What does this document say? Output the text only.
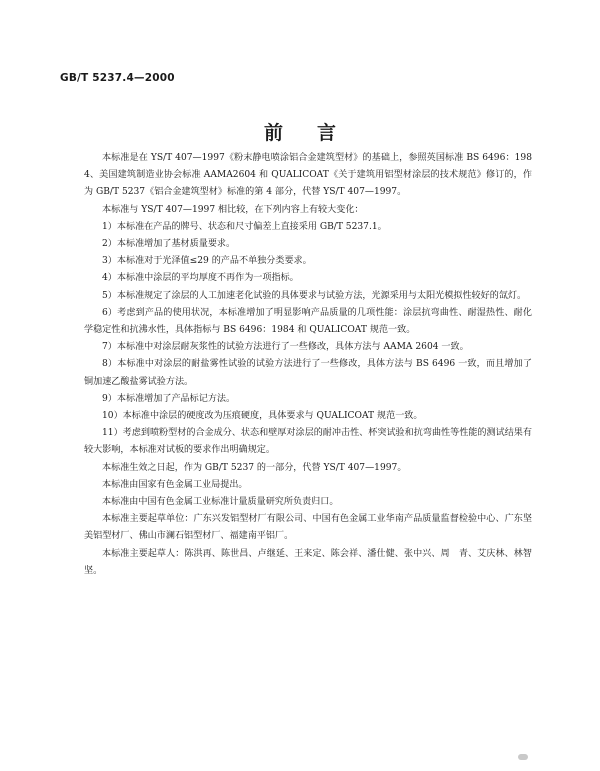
GB/T 5237.4—2000
前言

本标准是在 YS/T 407—1997《粉末静电喷涂铝合金建筑型材》的基础上，参照英国标准 BS 6496：1984、美国建筑制造业协会标准 AAMA2604 和 QUALICOAT《关于建筑用铝型材涂层的技术规范》修订的，作为 GB/T 5237《铝合金建筑型材》标准的第 4 部分，代替 YS/T 407—1997。

本标准与 YS/T 407—1997 相比较，在下列内容上有较大变化：

1）本标准在产品的牌号、状态和尺寸偏差上直接采用 GB/T 5237.1。

2）本标准增加了基材质量要求。

3）本标准对于光泽值≤29 的产品不单独分类要求。

4）本标准中涂层的平均厚度不再作为一项指标。

5）本标准规定了涂层的人工加速老化试验的具体要求与试验方法，光源采用与太阳光模拟性较好的氙灯。

6）考虑到产品的使用状况，本标准增加了明显影响产品质量的几项性能：涂层抗弯曲性、耐湿热性、耐化学稳定性和抗沸水性，具体指标与 BS 6496：1984 和 QUALICOAT 规范一致。

7）本标准中对涂层耐灰浆性的试验方法进行了一些修改，具体方法与 AAMA 2604 一致。

8）本标准中对涂层的耐盐雾性试验的试验方法进行了一些修改，具体方法与 BS 6496 一致，而且增加了铜加速乙酸盐雾试验方法。

9）本标准增加了产品标记方法。

10）本标准中涂层的硬度改为压痕硬度，具体要求与 QUALICOAT 规范一致。

11）考虑到喷粉型材的合金成分、状态和壁厚对涂层的耐冲击性、杯突试验和抗弯曲性等性能的测试结果有较大影响，本标准对试板的要求作出明确规定。

本标准生效之日起，作为 GB/T 5237 的一部分，代替 YS/T 407—1997。

本标准由国家有色金属工业局提出。

本标准由中国有色金属工业标准计量质量研究所负责归口。

本标准主要起草单位：广东兴发铝型材厂有限公司、中国有色金属工业华南产品质量监督检验中心、广东坚美铝型材厂、佛山市澜石铝型材厂、福建南平铝厂。

本标准主要起草人：陈洪再、陈世昌、卢继延、王来定、陈会祥、潘仕健、张中兴、周　青、艾庆林、林智坚。
